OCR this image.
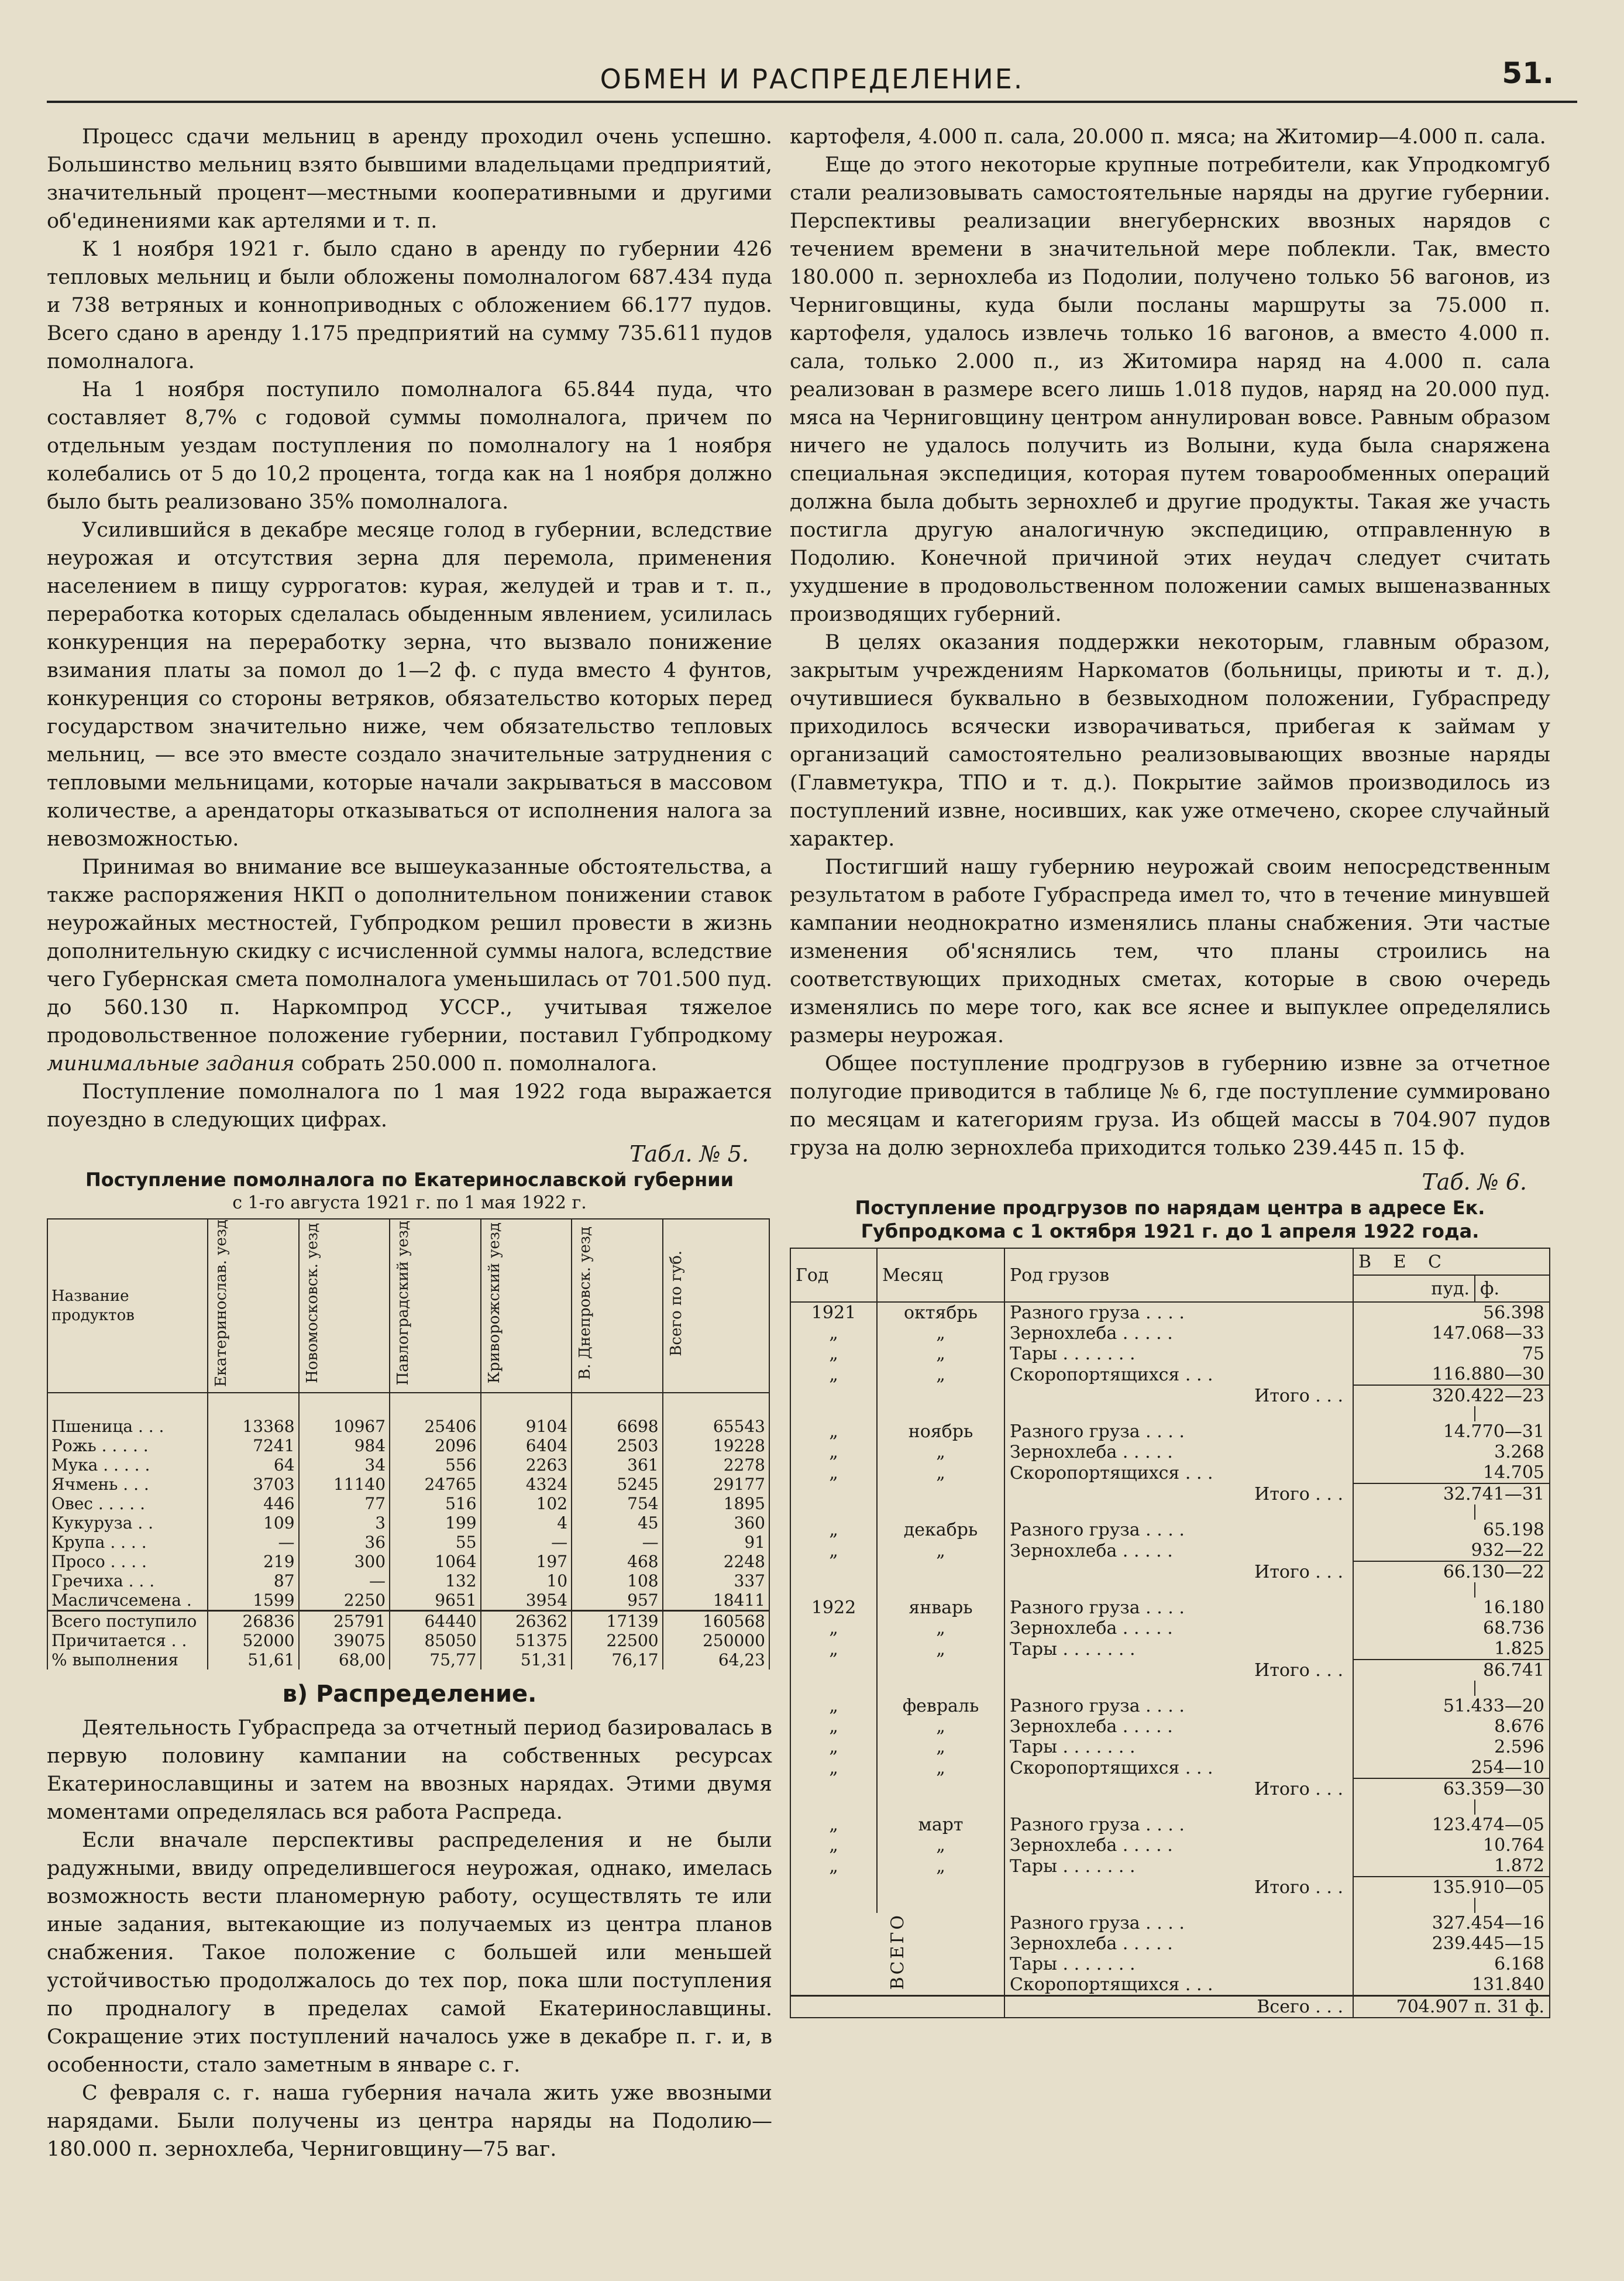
ОБМЕН И РАСПРЕДЕЛЕНИЕ.	51.

Процесс сдачи мельниц в аренду проходил очень успешно. Большинство мельниц взято бывшими владельцами предприятий, значительный процент—местными кооперативными и другими об'единениями как артелями и т. п.

К 1 ноября 1921 г. было сдано в аренду по губернии 426 тепловых мельниц и были обложены помолналогом 687.434 пуда и 738 ветряных и конноприводных с обложением 66.177 пудов. Всего сдано в аренду 1.175 предприятий на сумму 735.611 пудов помолналога.

На 1 ноября поступило помолналога 65.844 пуда, что составляет 8,7% с годовой суммы помолналога, причем по отдельным уездам поступления по помолналогу на 1 ноября колебались от 5 до 10,2 процента, тогда как на 1 ноября должно было быть реализовано 35% помолналога.

Усилившийся в декабре месяце голод в губернии, вследствие неурожая и отсутствия зерна для перемола, применения населением в пищу суррогатов: курая, желудей и трав и т. п., переработка которых сделалась обыденным явлением, усилилась конкуренция на переработку зерна, что вызвало понижение взимания платы за помол до 1—2 ф. с пуда вместо 4 фунтов, конкуренция со стороны ветряков, обязательство которых перед государством значительно ниже, чем обязательство тепловых мельниц, — все это вместе создало значительные затруднения с тепловыми мельницами, которые начали закрываться в массовом количестве, а арендаторы отказываться от исполнения налога за невозможностью.

Принимая во внимание все вышеуказанные обстоятельства, а также распоряжения НКП о дополнительном понижении ставок неурожайных местностей, Губпродком решил провести в жизнь дополнительную скидку с исчисленной суммы налога, вследствие чего Губернская смета помолналога уменьшилась от 701.500 пуд. до 560.130 п. Наркомпрод УССР., учитывая тяжелое продовольственное положение губернии, поставил Губпродкому минимальные задания собрать 250.000 п. помолналога.

Поступление помолналога по 1 мая 1922 года выражается поуездно в следующих цифрах.

Табл. № 5.
Поступление помолналога по Екатеринославской губернии
с 1-го августа 1921 г. по 1 мая 1922 г.
Название продуктов	Екатеринослав. уезд	Новомосковск. уезд	Павлоградский уезд	Криворожский уезд	В. Днепровск. уезд	Всего по губ.
Пшеница . . .	13368	10967	25406	9104	6698	65543
Рожь . . . . .	7241	984	2096	6404	2503	19228
Мука . . . . .	64	34	556	2263	361	2278
Ячмень . . .	3703	11140	24765	4324	5245	29177
Овес . . . . .	446	77	516	102	754	1895
Кукуруза . .	109	3	199	4	45	360
Крупа . . . .	—	36	55	—	—	91
Просо . . . .	219	300	1064	197	468	2248
Гречиха . . .	87	—	132	10	108	337
Масличсемена .	1599	2250	9651	3954	957	18411
Всего поступило	26836	25791	64440	26362	17139	160568
Причитается . .	52000	39075	85050	51375	22500	250000
% выполнения	51,61	68,00	75,77	51,31	76,17	64,23
в) Распределение.

Деятельность Губраспреда за отчетный период базировалась в первую половину кампании на собственных ресурсах Екатеринославщины и затем на ввозных нарядах. Этими двумя моментами определялась вся работа Распреда.

Если вначале перспективы распределения и не были радужными, ввиду определившегося неурожая, однако, имелась возможность вести планомерную работу, осуществлять те или иные задания, вытекающие из получаемых из центра планов снабжения. Такое положение с большей или меньшей устойчивостью продолжалось до тех пор, пока шли поступления по продналогу в пределах самой Екатеринославщины. Сокращение этих поступлений началось уже в декабре п. г. и, в особенности, стало заметным в январе с. г.

С февраля с. г. наша губерния начала жить уже ввозными нарядами. Были получены из центра наряды на Подолию—180.000 п. зернохлеба, Черниговщину—75 ваг.

картофеля, 4.000 п. сала, 20.000 п. мяса; на Житомир—4.000 п. сала.

Еще до этого некоторые крупные потребители, как Упродкомгуб стали реализовывать самостоятельные наряды на другие губернии. Перспективы реализации внегубернских ввозных нарядов с течением времени в значительной мере поблекли. Так, вместо 180.000 п. зернохлеба из Подолии, получено только 56 вагонов, из Черниговщины, куда были посланы маршруты за 75.000 п. картофеля, удалось извлечь только 16 вагонов, а вместо 4.000 п. сала, только 2.000 п., из Житомира наряд на 4.000 п. сала реализован в размере всего лишь 1.018 пудов, наряд на 20.000 пуд. мяса на Черниговщину центром аннулирован вовсе. Равным образом ничего не удалось получить из Волыни, куда была снаряжена специальная экспедиция, которая путем товарообменных операций должна была добыть зернохлеб и другие продукты. Такая же участь постигла другую аналогичную экспедицию, отправленную в Подолию. Конечной причиной этих неудач следует считать ухудшение в продовольственном положении самых вышеназванных производящих губерний.

В целях оказания поддержки некоторым, главным образом, закрытым учреждениям Наркоматов (больницы, приюты и т. д.), очутившиеся буквально в безвыходном положении, Губраспреду приходилось всячески изворачиваться, прибегая к займам у организаций самостоятельно реализовывающих ввозные наряды (Главметукра, ТПО и т. д.). Покрытие займов производилось из поступлений извне, носивших, как уже отмечено, скорее случайный характер.

Постигший нашу губернию неурожай своим непосредственным результатом в работе Губраспреда имел то, что в течение минувшей кампании неоднократно изменялись планы снабжения. Эти частые изменения об'яснялись тем, что планы строились на соответствующих приходных сметах, которые в свою очередь изменялись по мере того, как все яснее и выпуклее определялись размеры неурожая.

Общее поступление продгрузов в губернию извне за отчетное полугодие приводится в таблице № 6, где поступление суммировано по месяцам и категориям груза. Из общей массы в 704.907 пудов груза на долю зернохлеба приходится только 239.445 п. 15 ф.

Таб. № 6.
Поступление продгрузов по нарядам центра в адресе Ек. Губпродкома с 1 октября 1921 г. до 1 апреля 1922 года.
Год	Месяц	Род грузов	В Е С	
			пуд.	ф.
1921	октябрь	Разного груза . . . .	56.398	
„	„	Зернохлеба . . . . .	147.068—33	
„	„	Тары . . . . . . .	75	
„	„	Скоропортящихся . . .	116.880—30	
		Итого . . .	320.422—23	

„	ноябрь	Разного груза . . . .	14.770—31	
„	„	Зернохлеба . . . . .	3.268	
„	„	Скоропортящихся . . .	14.705	
		Итого . . .	32.741—31	

„	декабрь	Разного груза . . . .	65.198	
„	„	Зернохлеба . . . . .	932—22	
		Итого . . .	66.130—22	

1922	январь	Разного груза . . . .	16.180	
„	„	Зернохлеба . . . . .	68.736	
„	„	Тары . . . . . . .	1.825	
		Итого . . .	86.741	

„	февраль	Разного груза . . . .	51.433—20	
„	„	Зернохлеба . . . . .	8.676	
„	„	Тары . . . . . . .	2.596	
„	„	Скоропортящихся . . .	254—10	
		Итого . . .	63.359—30	

„	март	Разного груза . . . .	123.474—05	
„	„	Зернохлеба . . . . .	10.764	
„	„	Тары . . . . . . .	1.872	
		Итого . . .	135.910—05	

ВСЕГО		Разного груза . . . .	327.454—16	
		Зернохлеба . . . . .	239.445—15	
		Тары . . . . . . .	6.168	
		Скоропортящихся . . .	131.840	
		Всего . . .	704.907 п. 31 ф.	
